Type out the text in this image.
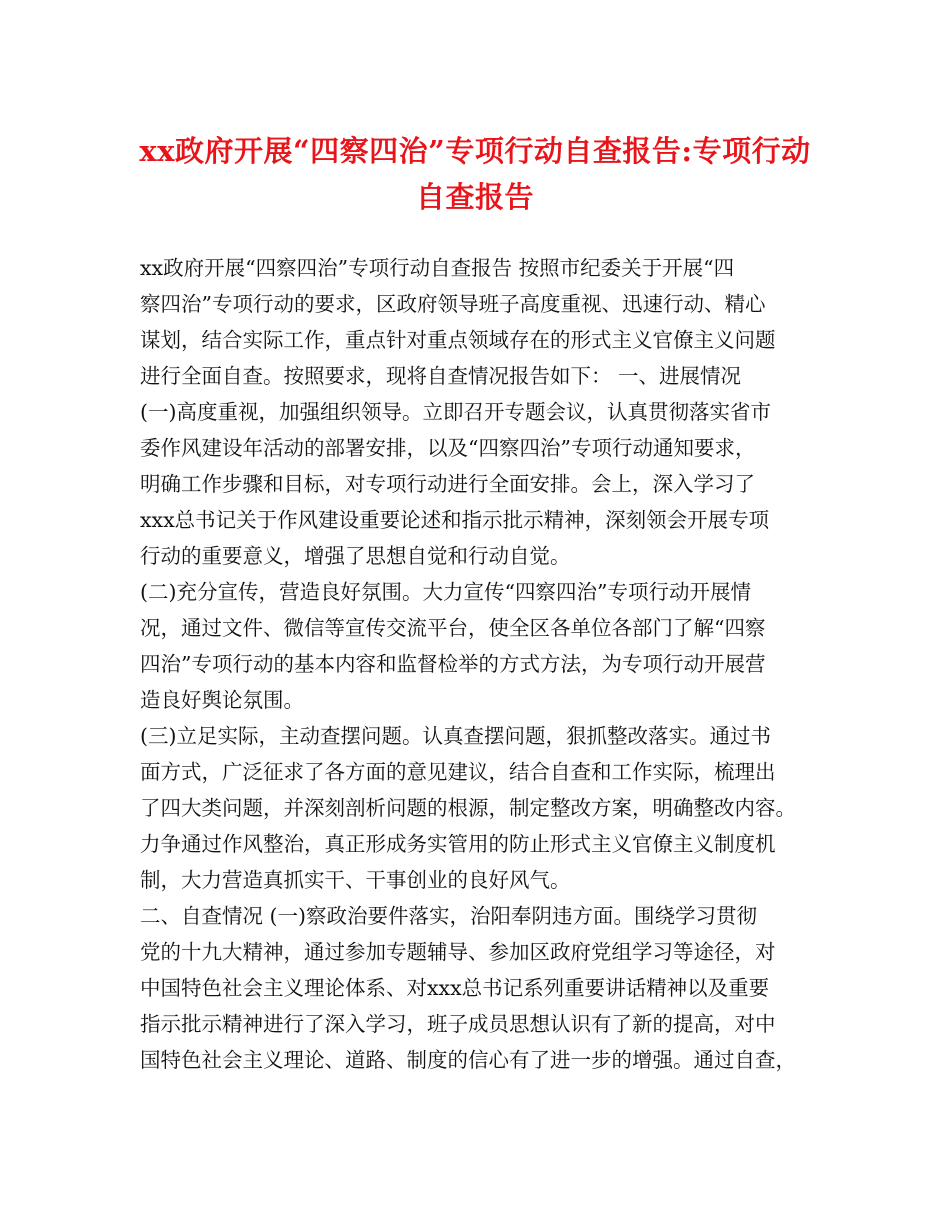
xx政府开展“四察四治”专项行动自查报告:专项行动
自查报告
xx政府开展“四察四治”专项行动自查报告 按照市纪委关于开展“四
察四治”专项行动的要求，区政府领导班子高度重视、迅速行动、精心
谋划，结合实际工作，重点针对重点领域存在的形式主义官僚主义问题
进行全面自查。按照要求，现将自查情况报告如下： 一、进展情况
(一)高度重视，加强组织领导。立即召开专题会议，认真贯彻落实省市
委作风建设年活动的部署安排，以及“四察四治”专项行动通知要求，
明确工作步骤和目标，对专项行动进行全面安排。会上，深入学习了
xxx总书记关于作风建设重要论述和指示批示精神，深刻领会开展专项
行动的重要意义，增强了思想自觉和行动自觉。
(二)充分宣传，营造良好氛围。大力宣传“四察四治”专项行动开展情
况，通过文件、微信等宣传交流平台，使全区各单位各部门了解“四察
四治”专项行动的基本内容和监督检举的方式方法，为专项行动开展营
造良好舆论氛围。
(三)立足实际，主动查摆问题。认真查摆问题，狠抓整改落实。通过书
面方式，广泛征求了各方面的意见建议，结合自查和工作实际，梳理出
了四大类问题，并深刻剖析问题的根源，制定整改方案，明确整改内容。
力争通过作风整治，真正形成务实管用的防止形式主义官僚主义制度机
制，大力营造真抓实干、干事创业的良好风气。
二、自查情况 (一)察政治要件落实，治阳奉阴违方面。围绕学习贯彻
党的十九大精神，通过参加专题辅导、参加区政府党组学习等途径，对
中国特色社会主义理论体系、对xxx总书记系列重要讲话精神以及重要
指示批示精神进行了深入学习，班子成员思想认识有了新的提高，对中
国特色社会主义理论、道路、制度的信心有了进一步的增强。通过自查，
